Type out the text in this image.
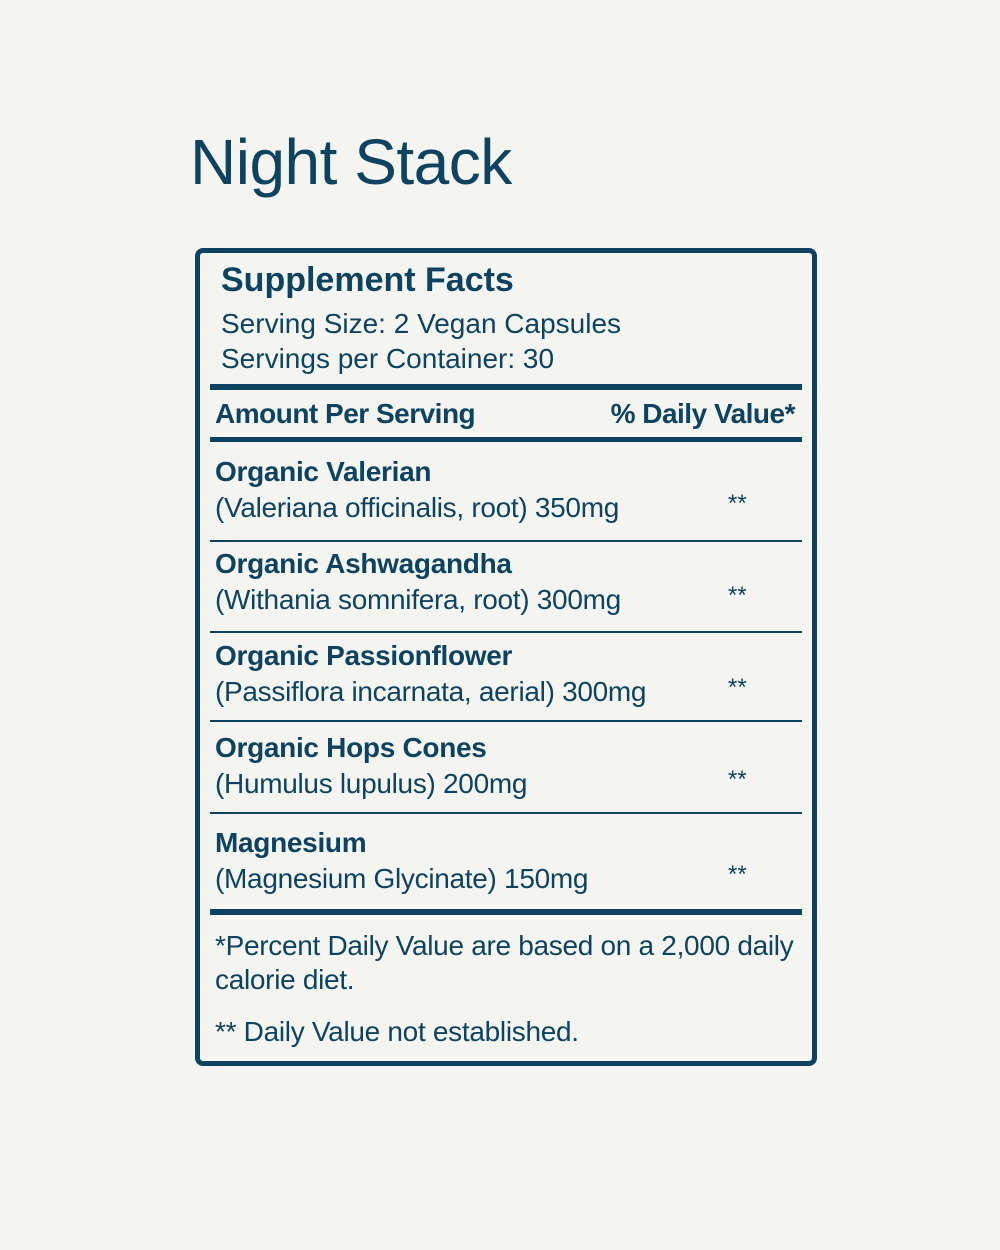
Night Stack
Supplement Facts
Serving Size: 2 Vegan Capsules
Servings per Container: 30
Amount Per Serving	% Daily Value*
Organic Valerian
(Valeriana officinalis, root) 350mg	**
Organic Ashwagandha
(Withania somnifera, root) 300mg	**
Organic Passionflower
(Passiflora incarnata, aerial) 300mg	**
Organic Hops Cones
(Humulus lupulus) 200mg	**
Magnesium
(Magnesium Glycinate) 150mg	**
*Percent Daily Value are based on a 2,000 daily calorie diet.
** Daily Value not established.
